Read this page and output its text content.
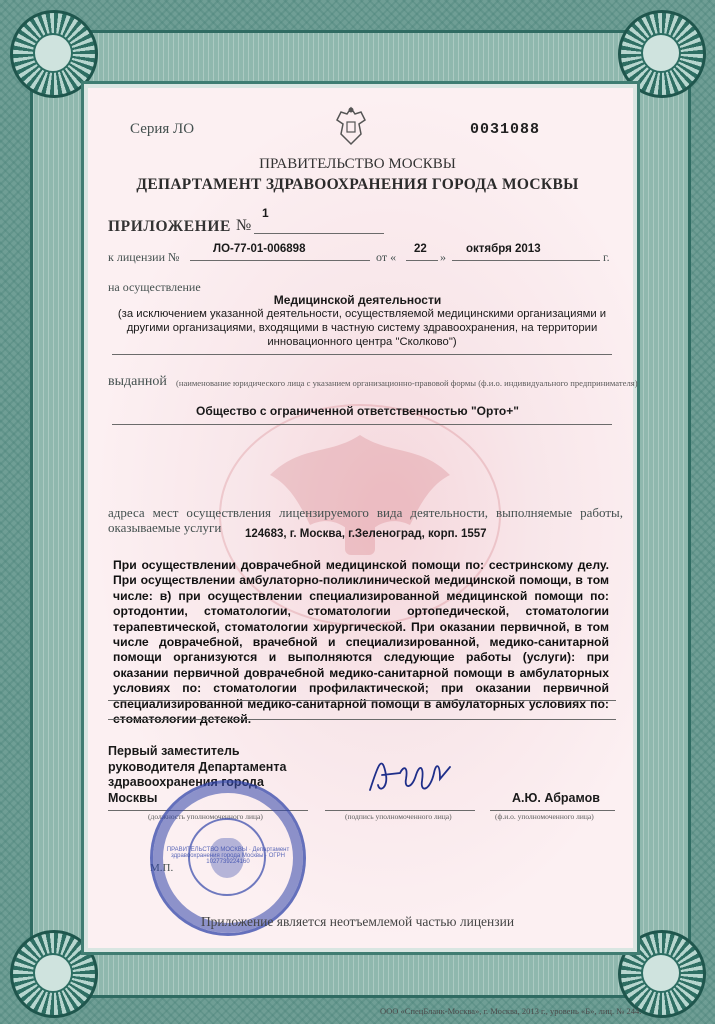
Серия ЛО	0031088

ПРАВИТЕЛЬСТВО МОСКВЫ

ДЕПАРТАМЕНТ ЗДРАВООХРАНЕНИЯ ГОРОДА МОСКВЫ

ПРИЛОЖЕНИЕ №

1

к лицензии №

ЛО-77-01-006898

от «

22

»

октября 2013

г.

на осуществление

Медицинской деятельности

(за исключением указанной деятельности, осуществляемой медицинскими организациями и другими организациями, входящими в частную систему здравоохранения, на территории инновационного центра "Сколково")

выданной (наименование юридического лица с указанием организационно-правовой формы (ф.и.о. индивидуального предпринимателя)

Общество с ограниченной ответственностью "Орто+"

адреса мест осуществления лицензируемого вида деятельности, выполняемые работы, оказываемые услуги	124683, г. Москва, г.Зеленоград, корп. 1557

При осуществлении доврачебной медицинской помощи по: сестринскому делу. При осуществлении амбулаторно-поликлинической медицинской помощи, в том числе: в) при осуществлении специализированной медицинской помощи по: ортодонтии, стоматологии, стоматологии ортопедической, стоматологии терапевтической, стоматологии хирургической. При оказании первичной, в том числе доврачебной, врачебной и специализированной, медико-санитарной помощи организуются и выполняются следующие работы (услуги): при оказании первичной доврачебной медико-санитарной помощи в амбулаторных условиях по: стоматологии профилактической; при оказании первичной специализированной медико-санитарной помощи в амбулаторных условиях по: стоматологии детской.

Первый заместитель руководителя Департамента здравоохранения города Москвы	А.Ю. Абрамов

(должность уполномоченного лица)	(подпись уполномоченного лица)	(ф.и.о. уполномоченного лица)

М.П.

ПРАВИТЕЛЬСТВО МОСКВЫ · Департамент здравоохранения города Москвы · ОГРН 1027739224160

Приложение является неотъемлемой частью лицензии

ООО «СпецБланк-Москва», г. Москва, 2013 г., уровень «Б», лиц. № 244.
